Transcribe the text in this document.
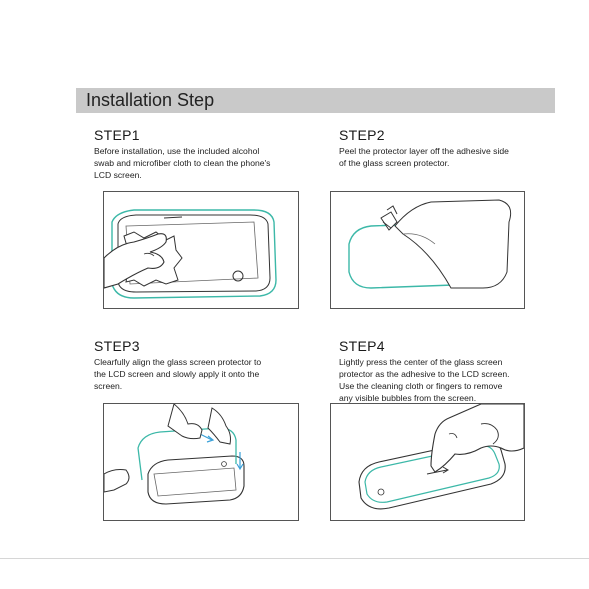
Installation Step
STEP1

Before installation, use the included alcohol
swab and microfiber cloth to clean the phone's
LCD screen.

STEP2

Peel the protector layer off the adhesive side
of the glass screen protector.

STEP3

Clearfully align the glass screen protector to
the LCD screen and slowly apply it onto the
screen.

STEP4

Lightly press the center of the glass screen
protector as the adhesive to the LCD screen.
Use the cleaning cloth or fingers to remove
any visible bubbles from the screen.
